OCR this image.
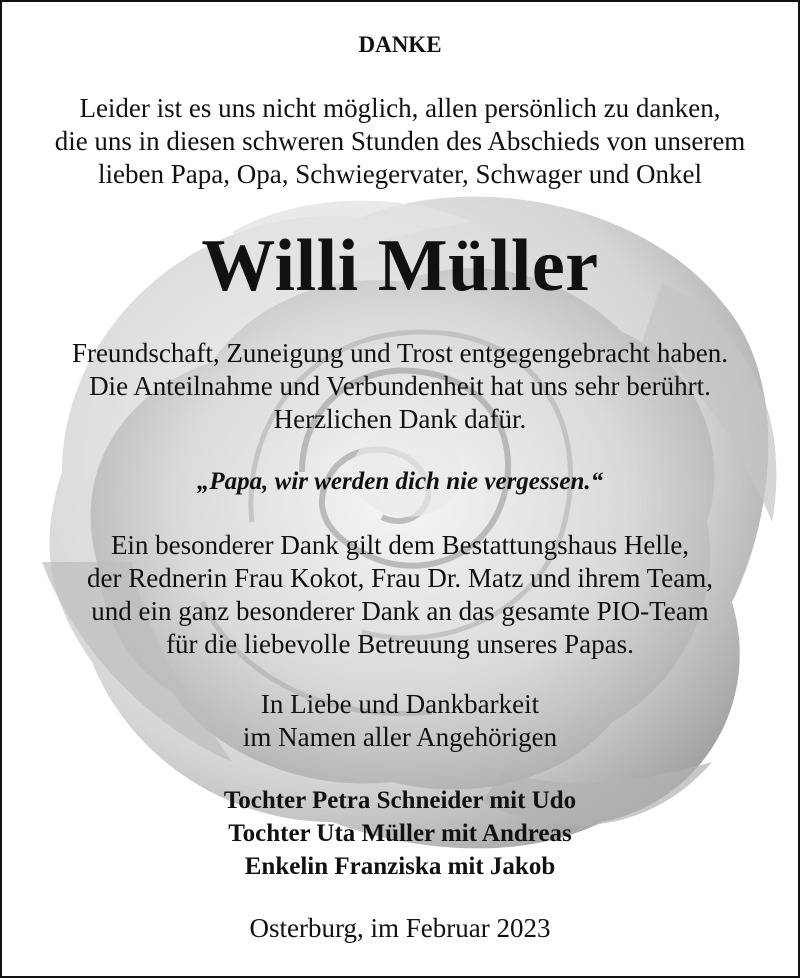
DANKE
Leider ist es uns nicht möglich, allen persönlich zu danken,
die uns in diesen schweren Stunden des Abschieds von unserem
lieben Papa, Opa, Schwiegervater, Schwager und Onkel
Willi Müller
Freundschaft, Zuneigung und Trost entgegengebracht haben.
Die Anteilnahme und Verbundenheit hat uns sehr berührt.
Herzlichen Dank dafür.
„Papa, wir werden dich nie vergessen.“
Ein besonderer Dank gilt dem Bestattungshaus Helle,
der Rednerin Frau Kokot, Frau Dr. Matz und ihrem Team,
und ein ganz besonderer Dank an das gesamte PIO-Team
für die liebevolle Betreuung unseres Papas.
In Liebe und Dankbarkeit
im Namen aller Angehörigen
Tochter Petra Schneider mit Udo
Tochter Uta Müller mit Andreas
Enkelin Franziska mit Jakob
Osterburg, im Februar 2023
